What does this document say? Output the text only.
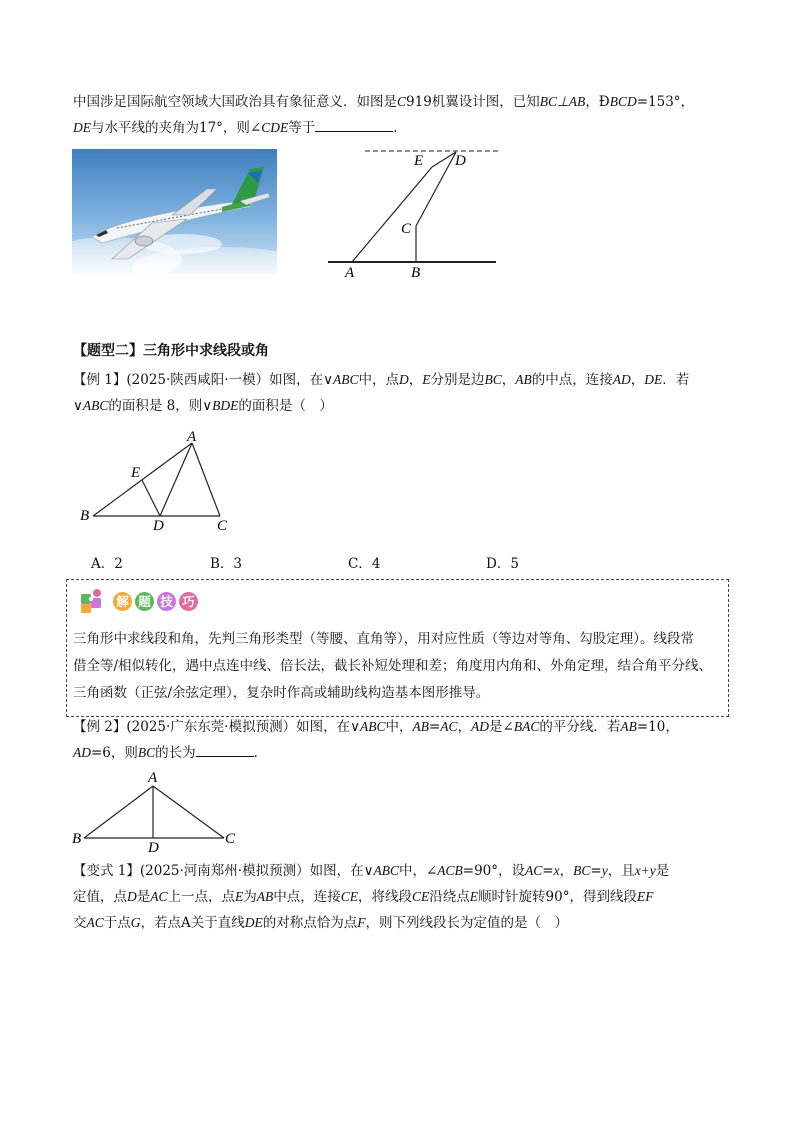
中国涉足国际航空领域大国政治具有象征意义．如图是C919机翼设计图，已知BC⊥AB，ÐBCD=153°，
DE与水平线的夹角为17°，则∠CDE等于	．
E D
C
A	B
【题型二】三角形中求线段或角
【例 1】(2025·陕西咸阳·一模）如图，在∨ABC中，点D，E分别是边BC，AB的中点，连接AD，DE．若
∨ABC的面积是 8，则∨BDE的面积是（　）
A
E
B
D	C
A．2	B．3	C．4	D．5
解 题 技 巧
三角形中求线段和角，先判三角形类型（等腰、直角等），用对应性质（等边对等角、勾股定理）。线段常
借全等/相似转化，遇中点连中线、倍长法，截长补短处理和差；角度用内角和、外角定理，结合角平分线、
三角函数（正弦/余弦定理），复杂时作高或辅助线构造基本图形推导。
【例 2】(2025·广东东莞·模拟预测）如图，在∨ABC中，AB=AC，AD是∠BAC的平分线．若AB=10，
AD=6，则BC的长为	．
A
B
D
C
【变式 1】(2025·河南郑州·模拟预测）如图，在∨ABC中，∠ACB=90°，设AC=x，BC=y，且x+y是
定值，点D是AC上一点，点E为AB中点，连接CE，将线段CE沿绕点E顺时针旋转90°，得到线段EF
交AC于点G，若点A关于直线DE的对称点恰为点F，则下列线段长为定值的是（　）
